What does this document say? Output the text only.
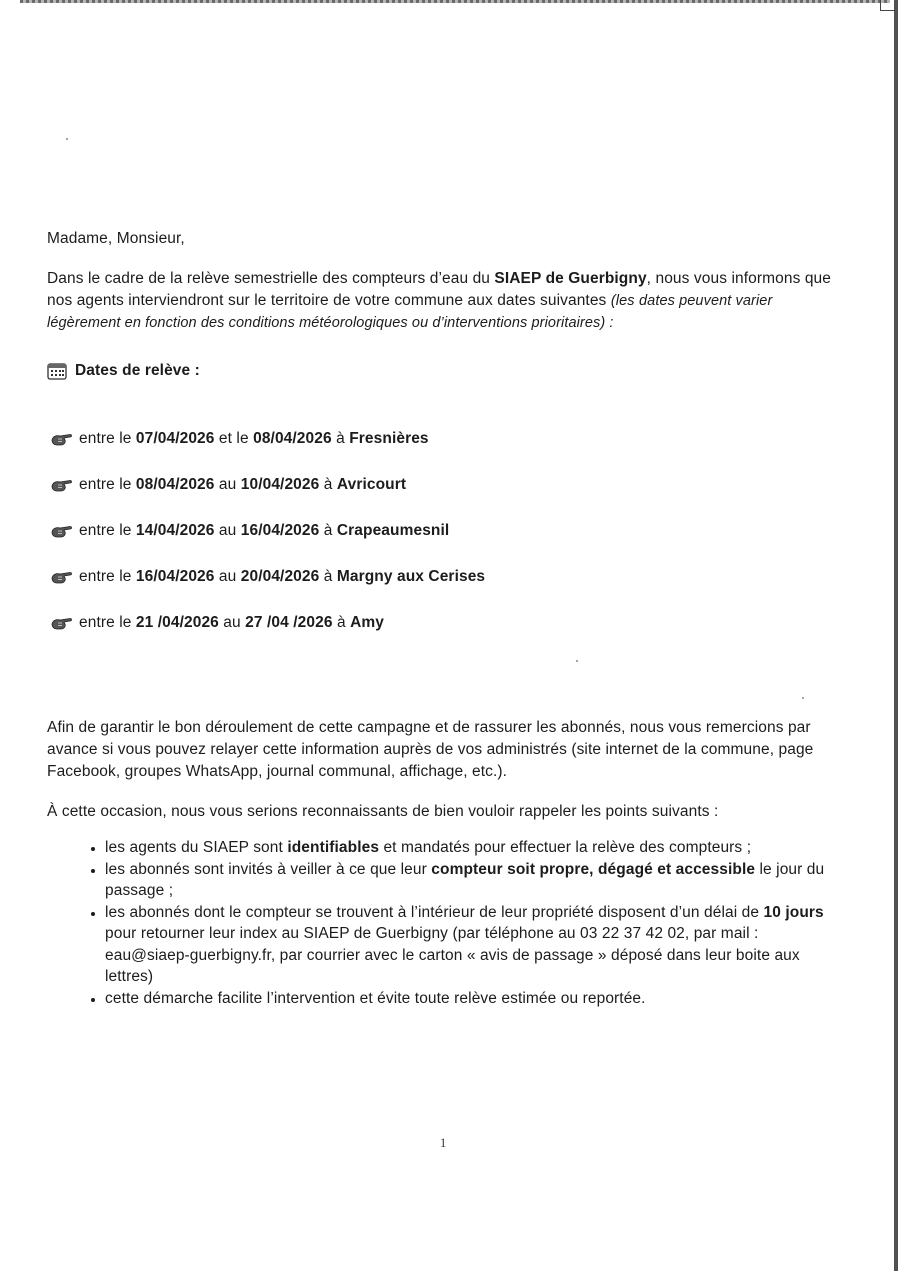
Madame, Monsieur,

Dans le cadre de la relève semestrielle des compteurs d’eau du SIAEP de Guerbigny, nous vous informons que nos agents interviendront sur le territoire de votre commune aux dates suivantes (les dates peuvent varier légèrement en fonction des conditions météorologiques ou d’interventions prioritaires) :

Dates de relève :
entre le 07/04/2026 et le 08/04/2026 à Fresnières
entre le 08/04/2026 au 10/04/2026 à Avricourt
entre le 14/04/2026 au 16/04/2026 à Crapeaumesnil
entre le 16/04/2026 au 20/04/2026 à Margny aux Cerises
entre le 21 /04/2026 au 27 /04 /2026 à Amy

Afin de garantir le bon déroulement de cette campagne et de rassurer les abonnés, nous vous remercions par avance si vous pouvez relayer cette information auprès de vos administrés (site internet de la commune, page Facebook, groupes WhatsApp, journal communal, affichage, etc.).

À cette occasion, nous vous serions reconnaissants de bien vouloir rappeler les points suivants :

• les agents du SIAEP sont identifiables et mandatés pour effectuer la relève des compteurs ;
• les abonnés sont invités à veiller à ce que leur compteur soit propre, dégagé et accessible le jour du passage ;
• les abonnés dont le compteur se trouvent à l’intérieur de leur propriété disposent d’un délai de 10 jours pour retourner leur index au SIAEP de Guerbigny (par téléphone au 03 22 37 42 02, par mail : eau@siaep-guerbigny.fr, par courrier avec le carton « avis de passage » déposé dans leur boite aux lettres)
• cette démarche facilite l’intervention et évite toute relève estimée ou reportée.
1
